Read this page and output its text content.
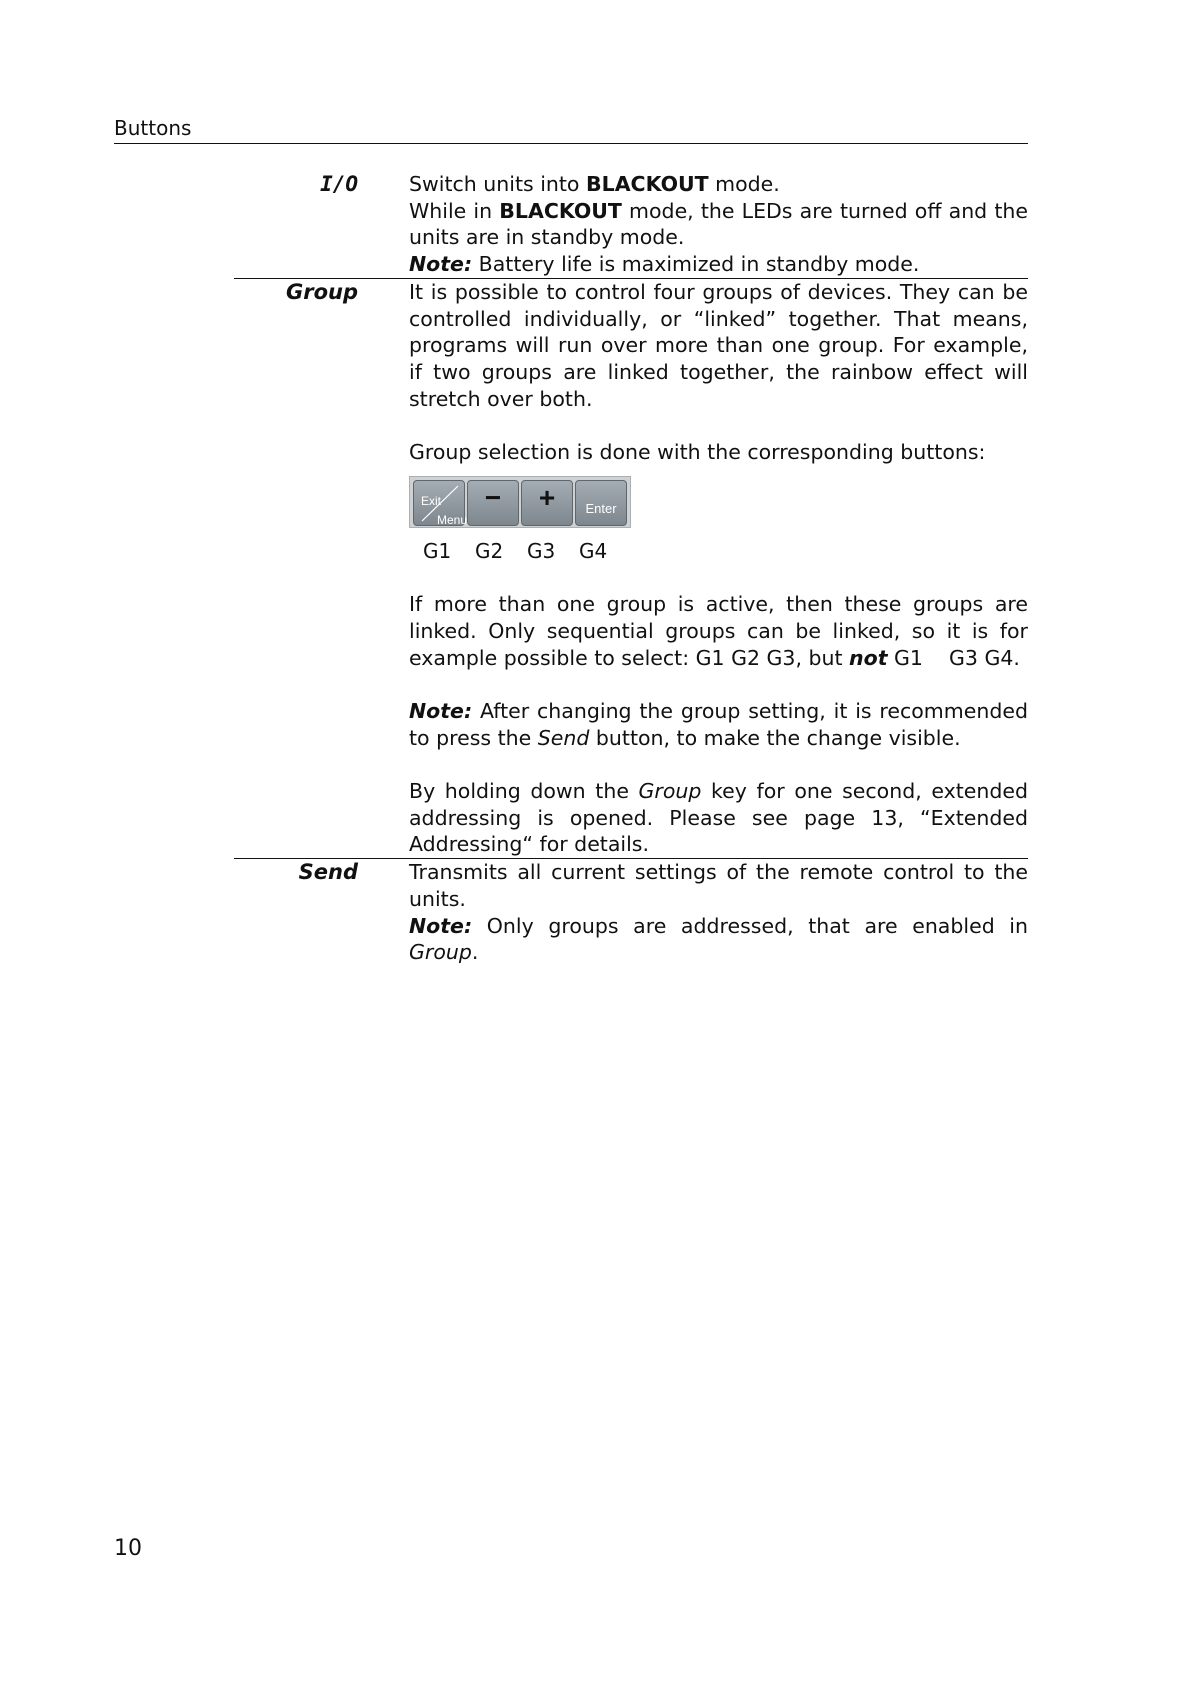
Buttons
I/O Switch units into BLACKOUT mode.

While in BLACKOUT mode, the LEDs are turned off and the units are in standby mode.

Note: Battery life is maximized in standby mode.

Group It is possible to control four groups of devices. They can be controlled individually, or “linked” together. That means, programs will run over more than one group. For example, if two groups are linked together, the rainbow effect will stretch over both.

Group selection is done with the corresponding buttons:

Exit
Menu
−	+	Enter
G1	G2	G3	G4

If more than one group is active, then these groups are linked. Only sequential groups can be linked, so it is for example possible to select: G1 G2 G3, but not G1    G3 G4.

Note: After changing the group setting, it is recommended to press the Send button, to make the change visible.

By holding down the Group key for one second, extended addressing is opened. Please see page 13, “Extended Addressing“ for details.

Send Transmits all current settings of the remote control to the units.

Note: Only groups are addressed, that are enabled in Group.

10
